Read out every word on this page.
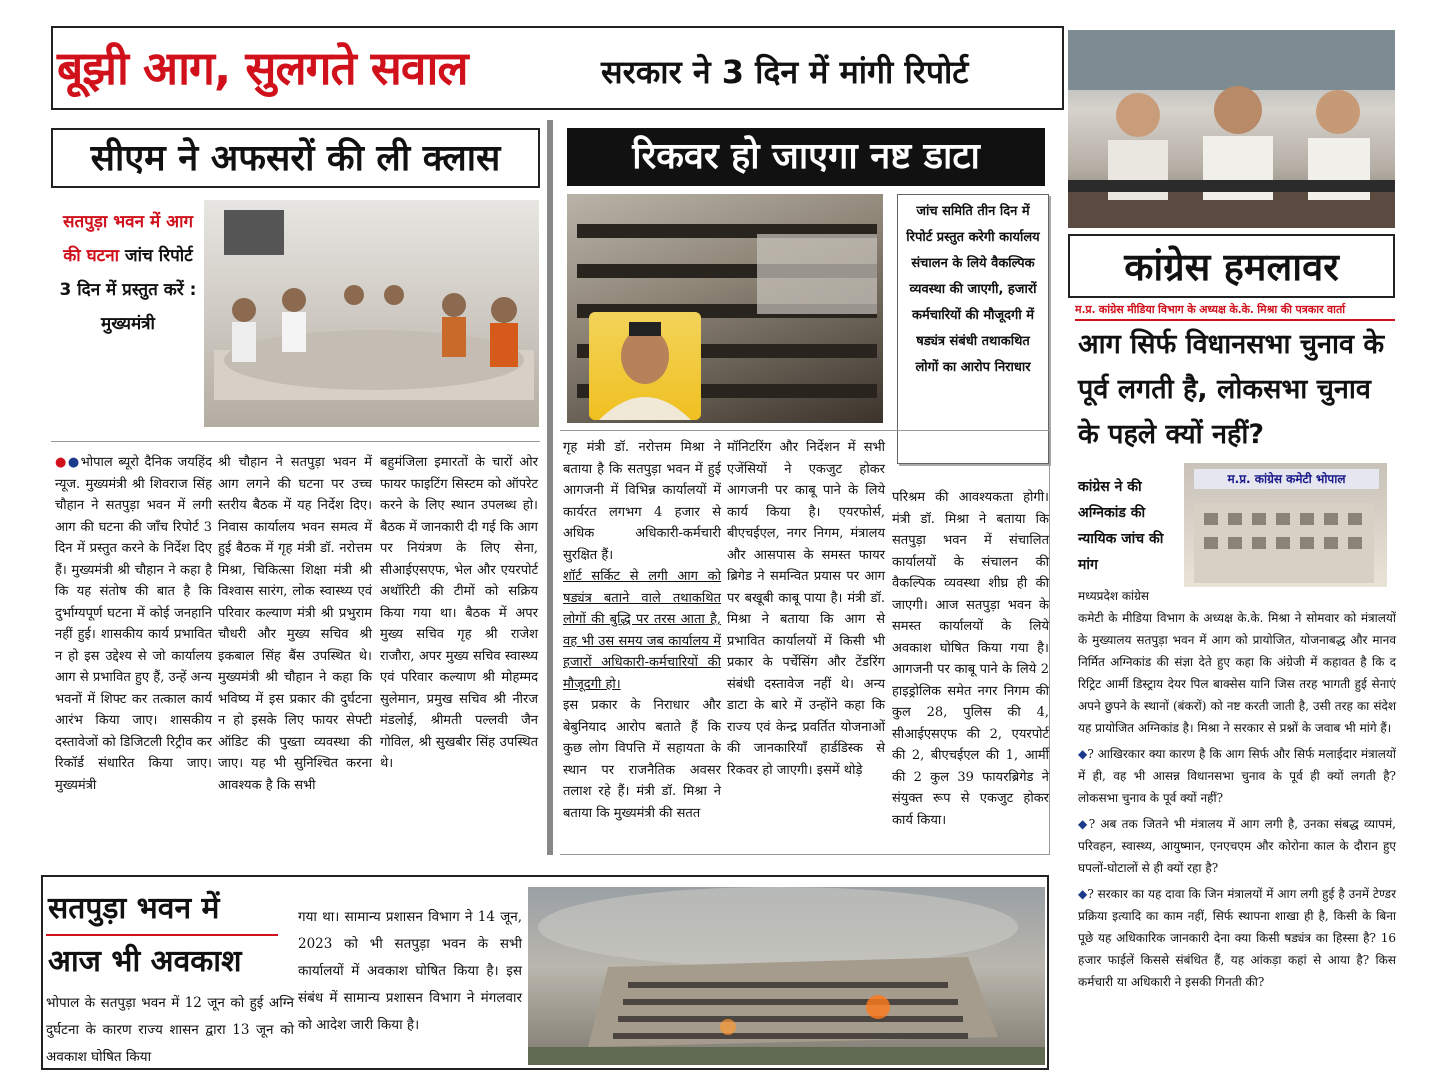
बूझी आग, सुलगते सवाल	सरकार ने 3 दिन में मांगी रिपोर्ट
कांग्रेस हमलावर
म.प्र. कांग्रेस मीडिया विभाग के अध्यक्ष के.के. मिश्रा की पत्रकार वार्ता
आग सिर्फ विधानसभा चुनाव के पूर्व लगती है, लोकसभा चुनाव के पहले क्यों नहीं?
कांग्रेस ने की अग्निकांड की न्यायिक जांच की मांग
म.प्र. कांग्रेस कमेटी भोपाल

मध्यप्रदेश कांग्रेस

कमेटी के मीडिया विभाग के अध्यक्ष के.के. मिश्रा ने सोमवार को मंत्रालयों के मुख्यालय सतपुड़ा भवन में आग को प्रायोजित, योजनाबद्ध और मानव निर्मित अग्निकांड की संज्ञा देते हुए कहा कि अंग्रेजी में कहावत है कि द रिट्रिट आर्मी डिस्ट्राय देयर पिल बाक्सेस यानि जिस तरह भागती हुई सेनाएं अपने छुपने के स्थानों (बंकरों) को नष्ट करती जाती है, उसी तरह का संदेश यह प्रायोजित अग्निकांड है। मिश्रा ने सरकार से प्रश्नों के जवाब भी मांगे हैं।

◆? आखिरकार क्या कारण है कि आग सिर्फ और सिर्फ मलाईदार मंत्रालयों में ही, वह भी आसन्न विधानसभा चुनाव के पूर्व ही क्यों लगती है? लोकसभा चुनाव के पूर्व क्यों नहीं?

◆? अब तक जितने भी मंत्रालय में आग लगी है, उनका संबद्ध व्यापमं, परिवहन, स्वास्थ्य, आयुष्मान, एनएचएम और कोरोना काल के दौरान हुए घपलों-घोटालों से ही क्यों रहा है?

◆? सरकार का यह दावा कि जिन मंत्रालयों में आग लगी हुई है उनमें टेण्डर प्रक्रिया इत्यादि का काम नहीं, सिर्फ स्थापना शाखा ही है, किसी के बिना पूछे यह अधिकारिक जानकारी देना क्या किसी षड्यंत्र का हिस्सा है? 16 हजार फाईलें किससे संबंधित हैं, यह आंकड़ा कहां से आया है? किस कर्मचारी या अधिकारी ने इसकी गिनती की?

सीएम ने अफसरों की ली क्लास
सतपुड़ा भवन में आग की घटना जांच रिपोर्ट 3 दिन में प्रस्तुत करें : मुख्यमंत्री

●●भोपाल ब्यूरो दैनिक जयहिंद न्यूज. मुख्यमंत्री श्री शिवराज सिंह चौहान ने सतपुड़ा भवन में लगी आग की घटना की जाँच रिपोर्ट 3 दिन में प्रस्तुत करने के निर्देश दिए हैं। मुख्यमंत्री श्री चौहान ने कहा है कि यह संतोष की बात है कि दुर्भाग्यपूर्ण घटना में कोई जनहानि नहीं हुई। शासकीय कार्य प्रभावित न हो इस उद्देश्य से जो कार्यालय आग से प्रभावित हुए हैं, उन्हें अन्य भवनों में शिफ्ट कर तत्काल कार्य आरंभ किया जाए। शासकीय दस्तावेजों को डिजिटली रिट्रीव कर रिकॉर्ड संधारित किया जाए। मुख्यमंत्री

श्री चौहान ने सतपुड़ा भवन में आग लगने की घटना पर उच्च स्तरीय बैठक में यह निर्देश दिए। निवास कार्यालय भवन समत्व में हुई बैठक में गृह मंत्री डॉ. नरोत्तम मिश्रा, चिकित्सा शिक्षा मंत्री श्री विश्वास सारंग, लोक स्वास्थ्य एवं परिवार कल्याण मंत्री श्री प्रभुराम चौधरी और मुख्य सचिव श्री इकबाल सिंह बैंस उपस्थित थे। मुख्यमंत्री श्री चौहान ने कहा कि भविष्य में इस प्रकार की दुर्घटना न हो इसके लिए फायर सेफ्टी ऑडिट की पुख्ता व्यवस्था की जाए। यह भी सुनिश्चित करना आवश्यक है कि सभी

बहुमंजिला इमारतों के चारों ओर फायर फाइटिंग सिस्टम को ऑपरेट करने के लिए स्थान उपलब्ध हो। बैठक में जानकारी दी गई कि आग पर नियंत्रण के लिए सेना, सीआईएसएफ, भेल और एयरपोर्ट अथॉरिटी की टीमों को सक्रिय किया गया था। बैठक में अपर मुख्य सचिव गृह श्री राजेश राजौरा, अपर मुख्य सचिव स्वास्थ्य एवं परिवार कल्याण श्री मोहम्मद सुलेमान, प्रमुख सचिव श्री नीरज मंडलोई, श्रीमती पल्लवी जैन गोविल, श्री सुखबीर सिंह उपस्थित थे।

रिकवर हो जाएगा नष्ट डाटा
जांच समिति तीन दिन में रिपोर्ट प्रस्तुत करेगी कार्यालय संचालन के लिये वैकल्पिक व्यवस्था की जाएगी, हजारों कर्मचारियों की मौजूदगी में षड्यंत्र संबंधी तथाकथित लोगों का आरोप निराधार

गृह मंत्री डॉ. नरोत्तम मिश्रा ने बताया है कि सतपुड़ा भवन में हुई आगजनी में विभिन्न कार्यालयों में कार्यरत लगभग 4 हजार से अधिक अधिकारी-कर्मचारी सुरक्षित हैं।

शॉर्ट सर्किट से लगी आग को षड्यंत्र बताने वाले तथाकथित लोगों की बुद्धि पर तरस आता है, वह भी उस समय जब कार्यालय में हजारों अधिकारी-कर्मचारियों की मौजूदगी हो।

इस प्रकार के निराधार और बेबुनियाद आरोप बताते हैं कि कुछ लोग विपत्ति में सहायता के स्थान पर राजनैतिक अवसर तलाश रहे हैं। मंत्री डॉ. मिश्रा ने बताया कि मुख्यमंत्री की सतत

मॉनिटरिंग और निर्देशन में सभी एजेंसियों ने एकजुट होकर आगजनी पर काबू पाने के लिये कार्य किया है। एयरफोर्स, बीएचईएल, नगर निगम, मंत्रालय और आसपास के समस्त फायर ब्रिगेड ने समन्वित प्रयास पर आग पर बखूबी काबू पाया है। मंत्री डॉ. मिश्रा ने बताया कि आग से प्रभावित कार्यालयों में किसी भी प्रकार के पर्चेसिंग और टेंडरिंग संबंधी दस्तावेज नहीं थे। अन्य डाटा के बारे में उन्होंने कहा कि राज्य एवं केन्द्र प्रवर्तित योजनाओं की जानकारियाँ हार्डडिस्क से रिकवर हो जाएगी। इसमें थोड़े

परिश्रम की आवश्यकता होगी। मंत्री डॉ. मिश्रा ने बताया कि सतपुड़ा भवन में संचालित कार्यालयों के संचालन की वैकल्पिक व्यवस्था शीघ्र ही की जाएगी। आज सतपुड़ा भवन के समस्त कार्यालयों के लिये अवकाश घोषित किया गया है। आगजनी पर काबू पाने के लिये 2 हाइड्रोलिक समेत नगर निगम की कुल 28, पुलिस की 4, सीआईएसएफ की 2, एयरपोर्ट की 2, बीएचईएल की 1, आर्मी की 2 कुल 39 फायरब्रिगेड ने संयुक्त रूप से एकजुट होकर कार्य किया।

सतपुड़ा भवन में
आज भी अवकाश
भोपाल के सतपुड़ा भवन में 12 जून को हुई अग्नि दुर्घटना के कारण राज्य शासन द्वारा 13 जून को अवकाश घोषित किया
गया था। सामान्य प्रशासन विभाग ने 14 जून, 2023 को भी सतपुड़ा भवन के सभी कार्यालयों में अवकाश घोषित किया है। इस संबंध में सामान्य प्रशासन विभाग ने मंगलवार को आदेश जारी किया है।
